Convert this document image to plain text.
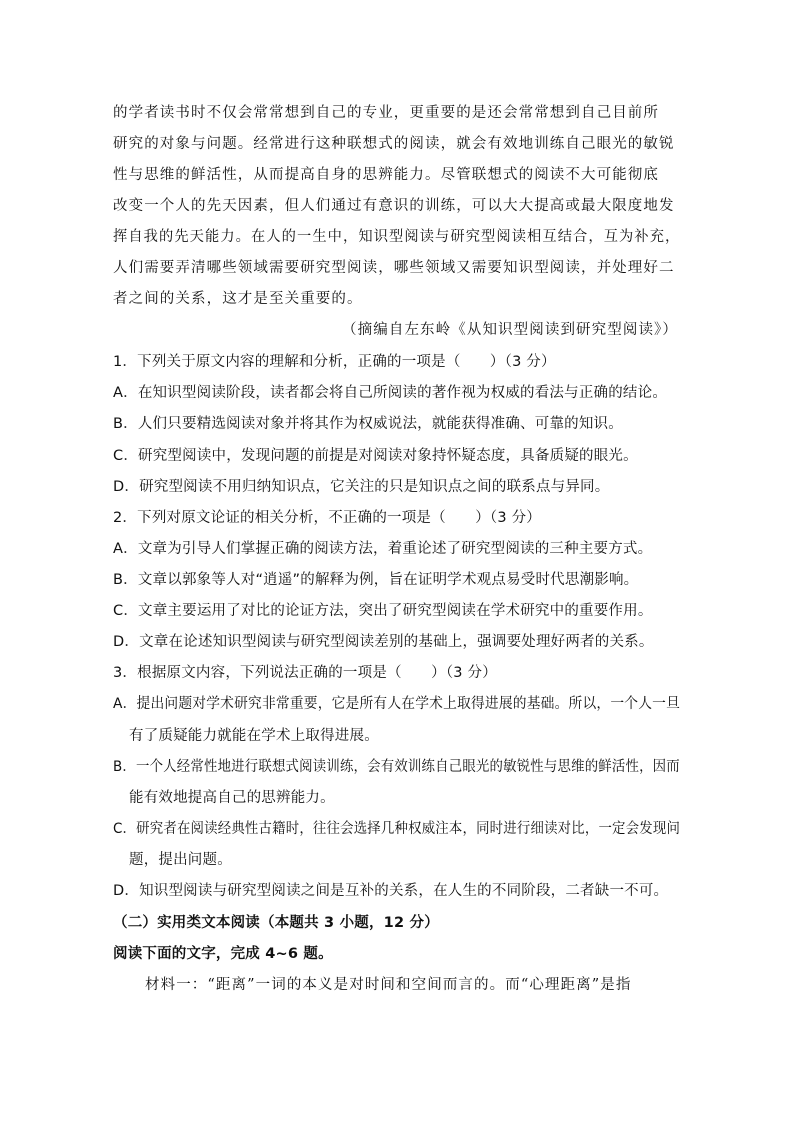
的学者读书时不仅会常常想到自己的专业，更重要的是还会常常想到自己目前所
研究的对象与问题。经常进行这种联想式的阅读，就会有效地训练自己眼光的敏锐
性与思维的鲜活性，从而提高自身的思辨能力。尽管联想式的阅读不大可能彻底
改变一个人的先天因素，但人们通过有意识的训练，可以大大提高或最大限度地发
挥自我的先天能力。在人的一生中，知识型阅读与研究型阅读相互结合，互为补充，
人们需要弄清哪些领域需要研究型阅读，哪些领域又需要知识型阅读，并处理好二
者之间的关系，这才是至关重要的。
（摘编自左东岭《从知识型阅读到研究型阅读》）
1．下列关于原文内容的理解和分析，正确的一项是（　　）（3 分）
A．在知识型阅读阶段，读者都会将自己所阅读的著作视为权威的看法与正确的结论。
B．人们只要精选阅读对象并将其作为权威说法，就能获得准确、可靠的知识。
C．研究型阅读中，发现问题的前提是对阅读对象持怀疑态度，具备质疑的眼光。
D．研究型阅读不用归纳知识点，它关注的只是知识点之间的联系点与异同。
2．下列对原文论证的相关分析，不正确的一项是（　　）（3 分）
A．文章为引导人们掌握正确的阅读方法，着重论述了研究型阅读的三种主要方式。
B．文章以郭象等人对“逍遥”的解释为例，旨在证明学术观点易受时代思潮影响。
C．文章主要运用了对比的论证方法，突出了研究型阅读在学术研究中的重要作用。
D．文章在论述知识型阅读与研究型阅读差别的基础上，强调要处理好两者的关系。
3．根据原文内容，下列说法正确的一项是（　　）（3 分）
A．提出问题对学术研究非常重要，它是所有人在学术上取得进展的基础。所以，一个人一旦
有了质疑能力就能在学术上取得进展。
B．一个人经常性地进行联想式阅读训练，会有效训练自己眼光的敏锐性与思维的鲜活性，因而
能有效地提高自己的思辨能力。
C．研究者在阅读经典性古籍时，往往会选择几种权威注本，同时进行细读对比，一定会发现问
题，提出问题。
D．知识型阅读与研究型阅读之间是互补的关系，在人生的不同阶段，二者缺一不可。
（二）实用类文本阅读（本题共 3 小题，12 分）
阅读下面的文字，完成 4~6 题。
材料一：“距离”一词的本义是对时间和空间而言的。而“心理距离”是指
